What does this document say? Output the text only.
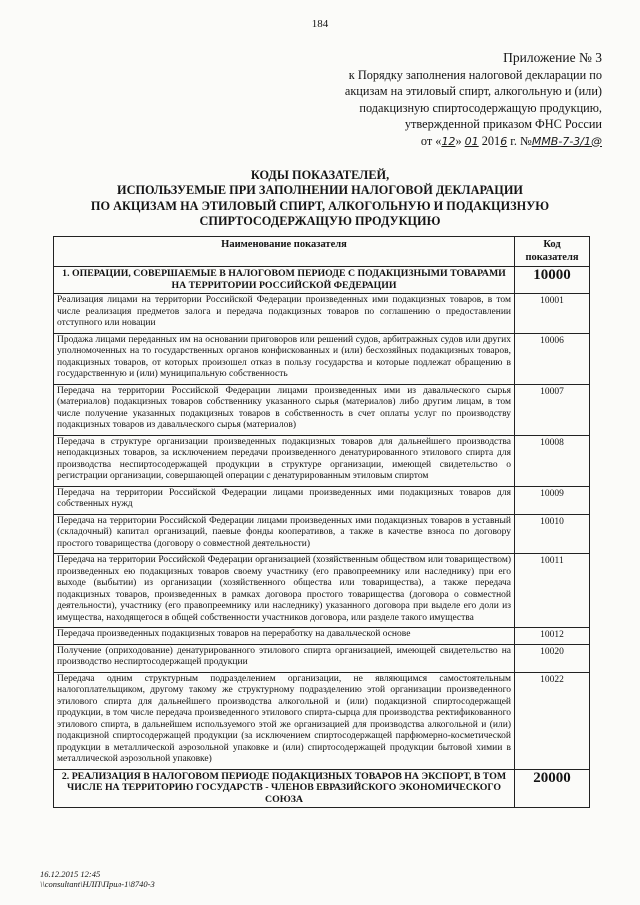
184
Приложение № 3
к Порядку заполнения налоговой декларации по
акцизам на этиловый спирт, алкогольную и (или)
подакцизную спиртосодержащую продукцию,
утвержденной приказом ФНС России
от «12» 01 2016 г. №ММВ-7-3/1@
КОДЫ ПОКАЗАТЕЛЕЙ,
ИСПОЛЬЗУЕМЫЕ ПРИ ЗАПОЛНЕНИИ НАЛОГОВОЙ ДЕКЛАРАЦИИ
ПО АКЦИЗАМ НА ЭТИЛОВЫЙ СПИРТ, АЛКОГОЛЬНУЮ И ПОДАКЦИЗНУЮ
СПИРТОСОДЕРЖАЩУЮ ПРОДУКЦИЮ
Наименование показателя	Код показателя
1. ОПЕРАЦИИ, СОВЕРШАЕМЫЕ В НАЛОГОВОМ ПЕРИОДЕ С ПОДАКЦИЗНЫМИ ТОВАРАМИ НА ТЕРРИТОРИИ РОССИЙСКОЙ ФЕДЕРАЦИИ	10000
Реализация лицами на территории Российской Федерации произведенных ими подакцизных товаров, в том числе реализация предметов залога и передача подакцизных товаров по соглашению о предоставлении отступного или новации	10001
Продажа лицами переданных им на основании приговоров или решений судов, арбитражных судов или других уполномоченных на то государственных органов конфискованных и (или) бесхозяйных подакцизных товаров, подакцизных товаров, от которых произошел отказ в пользу государства и которые подлежат обращению в государственную и (или) муниципальную собственность	10006
Передача на территории Российской Федерации лицами произведенных ими из давальческого сырья (материалов) подакцизных товаров собственнику указанного сырья (материалов) либо другим лицам, в том числе получение указанных подакцизных товаров в собственность в счет оплаты услуг по производству подакцизных товаров из давальческого сырья (материалов)	10007
Передача в структуре организации произведенных подакцизных товаров для дальнейшего производства неподакцизных товаров, за исключением передачи произведенного денатурированного этилового спирта для производства неспиртосодержащей продукции в структуре организации, имеющей свидетельство о регистрации организации, совершающей операции с денатурированным этиловым спиртом	10008
Передача на территории Российской Федерации лицами произведенных ими подакцизных товаров для собственных нужд	10009
Передача на территории Российской Федерации лицами произведенных ими подакцизных товаров в уставный (складочный) капитал организаций, паевые фонды кооперативов, а также в качестве взноса по договору простого товарищества (договору о совместной деятельности)	10010
Передача на территории Российской Федерации организацией (хозяйственным обществом или товариществом) произведенных ею подакцизных товаров своему участнику (его правопреемнику или наследнику) при его выходе (выбытии) из организации (хозяйственного общества или товарищества), а также передача подакцизных товаров, произведенных в рамках договора простого товарищества (договора о совместной деятельности), участнику (его правопреемнику или наследнику) указанного договора при выделе его доли из имущества, находящегося в общей собственности участников договора, или разделе такого имущества	10011
Передача произведенных подакцизных товаров на переработку на давальческой основе	10012
Получение (оприходование) денатурированного этилового спирта организацией, имеющей свидетельство на производство неспиртосодержащей продукции	10020
Передача одним структурным подразделением организации, не являющимся самостоятельным налогоплательщиком, другому такому же структурному подразделению этой организации произведенного этилового спирта для дальнейшего производства алкогольной и (или) подакцизной спиртосодержащей продукции, в том числе передача произведенного этилового спирта-сырца для производства ректификованного этилового спирта, в дальнейшем используемого этой же организацией для производства алкогольной и (или) подакцизной спиртосодержащей продукции (за исключением спиртосодержащей парфюмерно-косметической продукции в металлической аэрозольной упаковке и (или) спиртосодержащей продукции бытовой химии в металлической аэрозольной упаковке)	10022
2. РЕАЛИЗАЦИЯ В НАЛОГОВОМ ПЕРИОДЕ ПОДАКЦИЗНЫХ ТОВАРОВ НА ЭКСПОРТ, В ТОМ ЧИСЛЕ НА ТЕРРИТОРИЮ ГОСУДАРСТВ - ЧЛЕНОВ ЕВРАЗИЙСКОГО ЭКОНОМИЧЕСКОГО СОЮЗА	20000
16.12.2015 12:45
\\consultant\НЛП\Прил-1\8740-3
